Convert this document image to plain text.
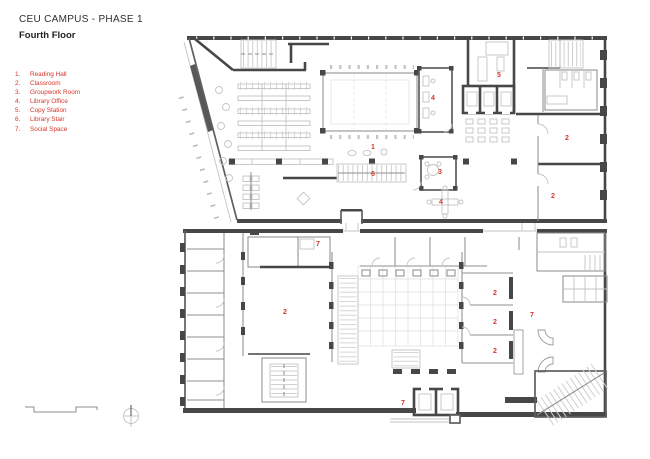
1
6	3
4
4
5
2
2
2
2
2
2
7
7
7
CEU CAMPUS - PHASE 1
Fourth Floor
1.	Reading Hall
2.	Classroom
3.	Groupwork Room
4.	Library Office
5.	Copy Station
6.	Library Stair
7.	Social Space
